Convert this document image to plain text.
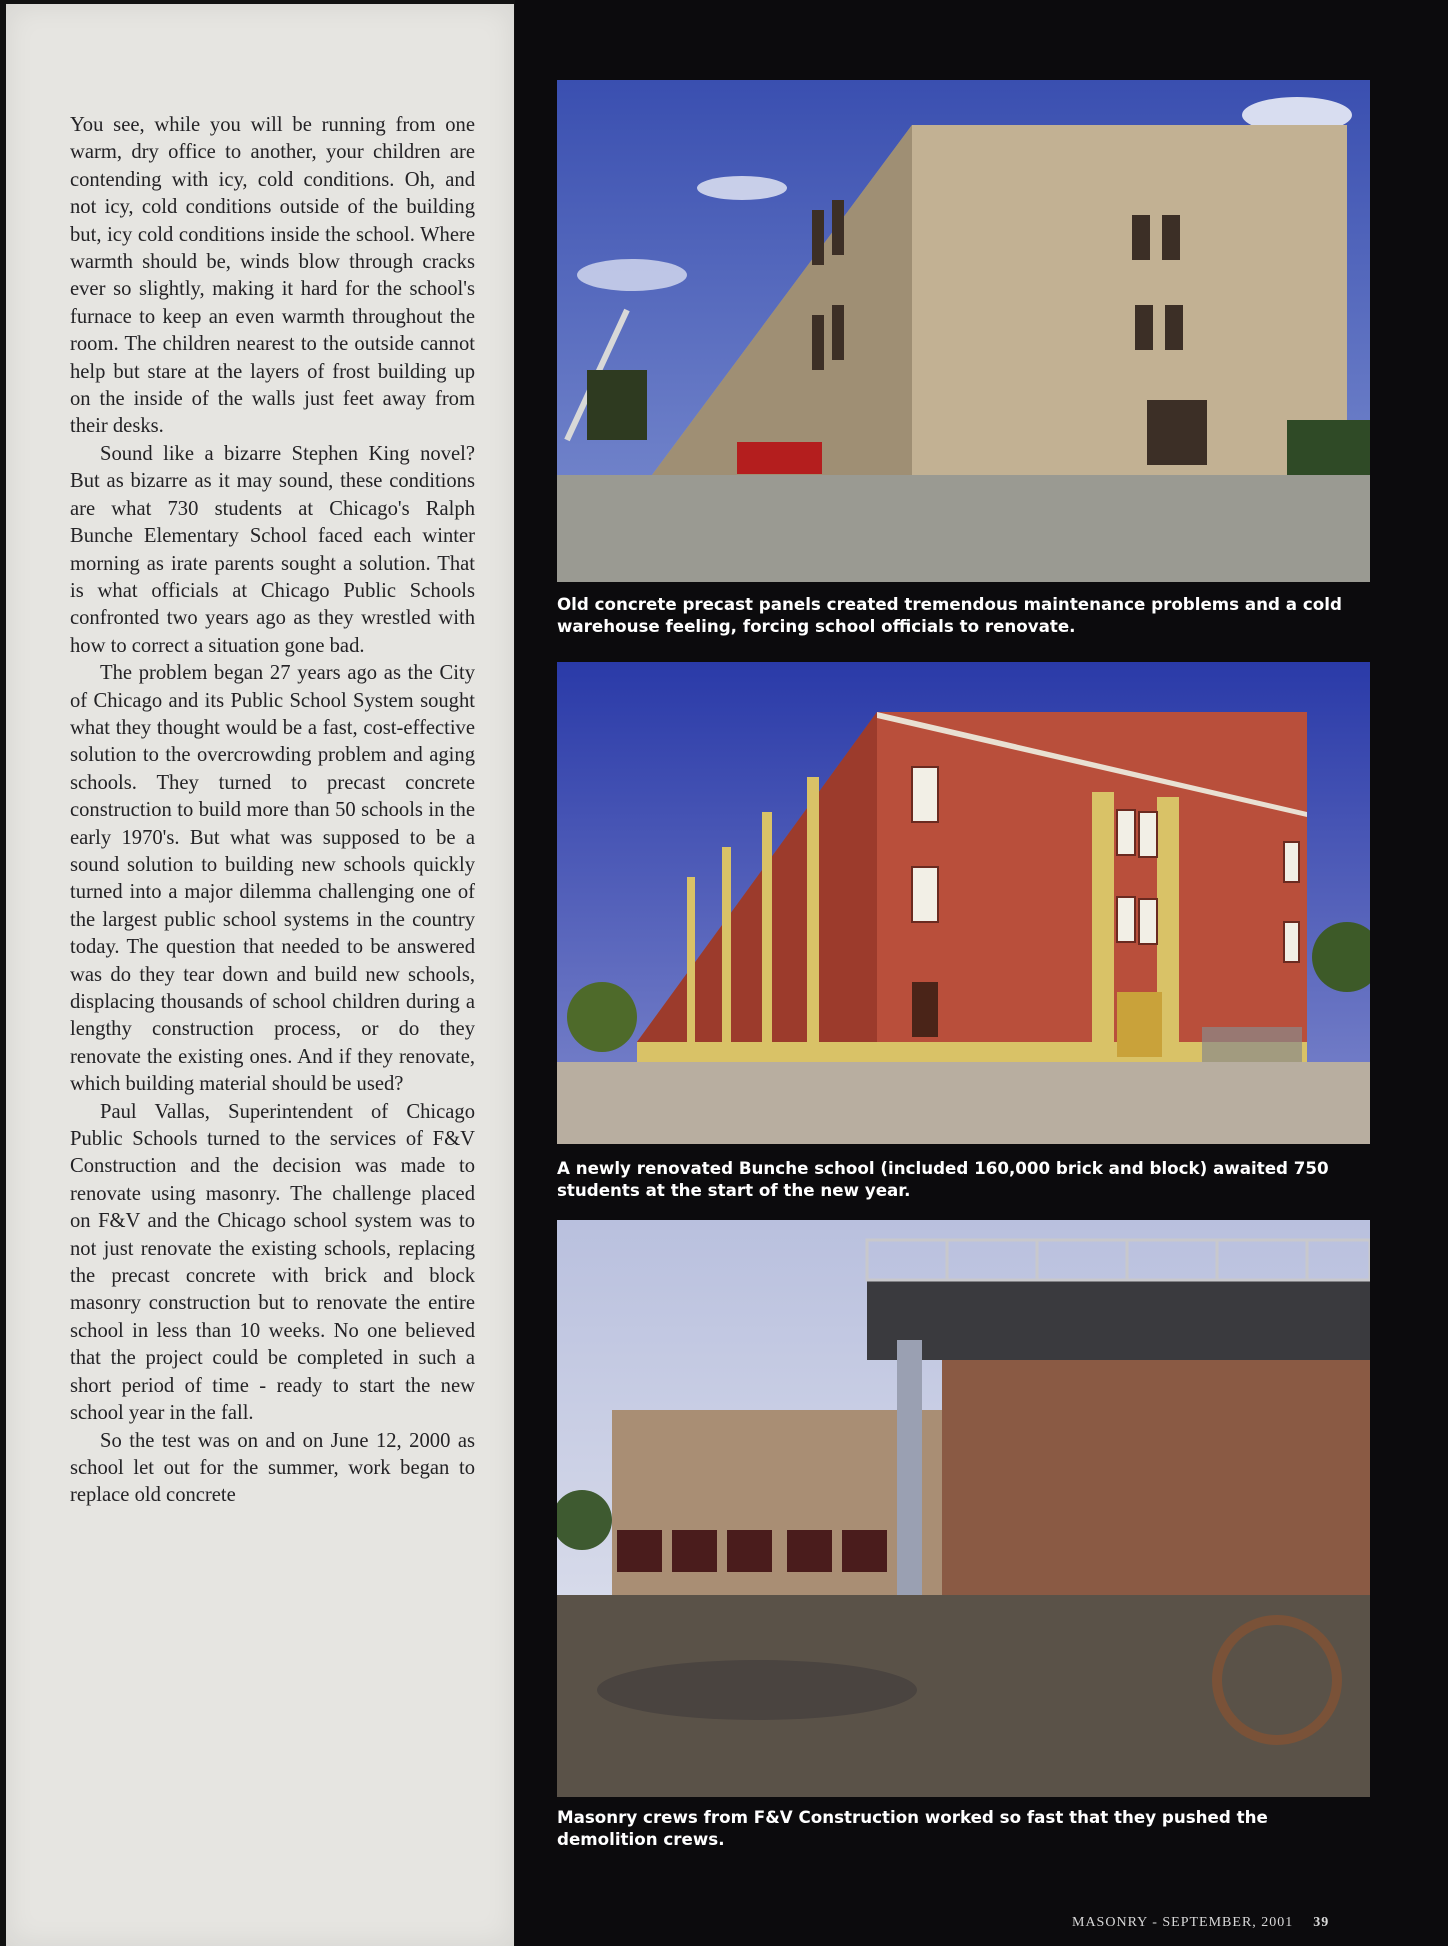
You see, while you will be running from one warm, dry office to another, your children are contending with icy, cold conditions. Oh, and not icy, cold conditions outside of the building but, icy cold conditions inside the school. Where warmth should be, winds blow through cracks ever so slightly, making it hard for the school's furnace to keep an even warmth throughout the room. The children nearest to the outside cannot help but stare at the layers of frost building up on the inside of the walls just feet away from their desks.

Sound like a bizarre Stephen King novel? But as bizarre as it may sound, these conditions are what 730 students at Chicago's Ralph Bunche Elementary School faced each winter morning as irate parents sought a solution. That is what officials at Chicago Public Schools confronted two years ago as they wrestled with how to correct a situation gone bad.

The problem began 27 years ago as the City of Chicago and its Public School System sought what they thought would be a fast, cost-effective solution to the overcrowding problem and aging schools. They turned to precast concrete construction to build more than 50 schools in the early 1970's. But what was supposed to be a sound solution to building new schools quickly turned into a major dilemma challenging one of the largest public school systems in the country today. The question that needed to be answered was do they tear down and build new schools, displacing thousands of school children during a lengthy construction process, or do they renovate the existing ones. And if they renovate, which building material should be used?

Paul Vallas, Superintendent of Chicago Public Schools turned to the services of F&V Construction and the decision was made to renovate using masonry. The challenge placed on F&V and the Chicago school system was to not just renovate the existing schools, replacing the precast concrete with brick and block masonry construction but to renovate the entire school in less than 10 weeks. No one believed that the project could be completed in such a short period of time - ready to start the new school year in the fall.

So the test was on and on June 12, 2000 as school let out for the summer, work began to replace old concrete

Old concrete precast panels created tremendous maintenance problems and a cold warehouse feeling, forcing school officials to renovate.

A newly renovated Bunche school (included 160,000 brick and block) awaited 750 students at the start of the new year.

Masonry crews from F&V Construction worked so fast that they pushed the demolition crews.

MASONRY - SEPTEMBER, 2001 39
